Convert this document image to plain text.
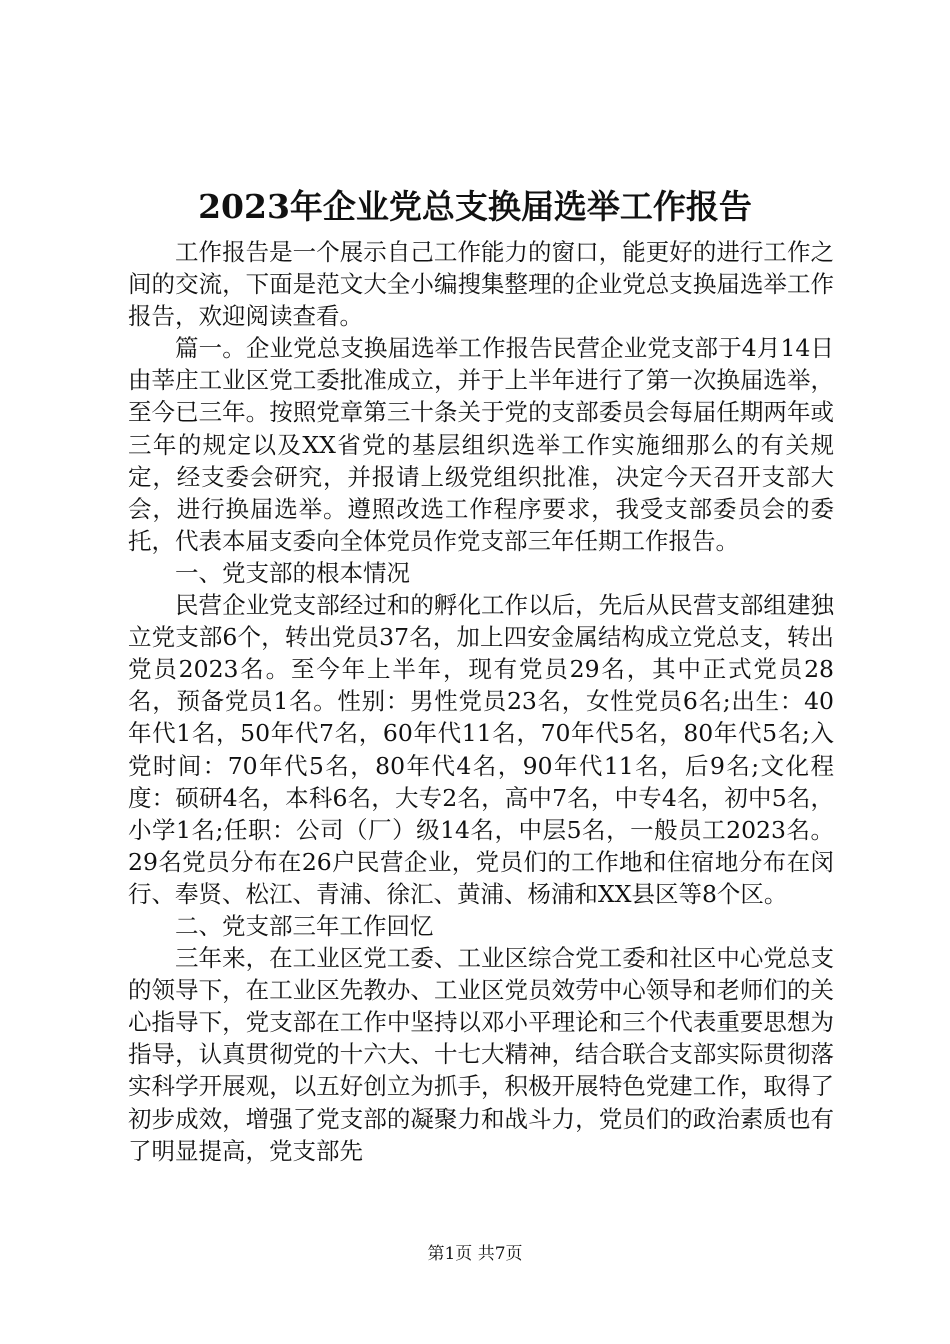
2023年企业党总支换届选举工作报告

工作报告是一个展示自己工作能力的窗口，能更好的进行工作之间的交流，下面是范文大全小编搜集整理的企业党总支换届选举工作报告，欢迎阅读查看。

篇一。企业党总支换届选举工作报告民营企业党支部于4月14日由莘庄工业区党工委批准成立，并于上半年进行了第一次换届选举，至今已三年。按照党章第三十条关于党的支部委员会每届任期两年或三年的规定以及XX省党的基层组织选举工作实施细那么的有关规定，经支委会研究，并报请上级党组织批准，决定今天召开支部大会，进行换届选举。遵照改选工作程序要求，我受支部委员会的委托，代表本届支委向全体党员作党支部三年任期工作报告。

一、党支部的根本情况

民营企业党支部经过和的孵化工作以后，先后从民营支部组建独立党支部6个，转出党员37名，加上四安金属结构成立党总支，转出党员2023名。至今年上半年，现有党员29名，其中正式党员28名，预备党员1名。性别：男性党员23名，女性党员6名;出生：40年代1名，50年代7名，60年代11名，70年代5名，80年代5名;入党时间：70年代5名，80年代4名，90年代11名，后9名;文化程度：硕研4名，本科6名，大专2名，高中7名，中专4名，初中5名，小学1名;任职：公司（厂）级14名，中层5名，一般员工2023名。29名党员分布在26户民营企业，党员们的工作地和住宿地分布在闵行、奉贤、松江、青浦、徐汇、黄浦、杨浦和XX县区等8个区。

二、党支部三年工作回忆

三年来，在工业区党工委、工业区综合党工委和社区中心党总支的领导下，在工业区先教办、工业区党员效劳中心领导和老师们的关心指导下，党支部在工作中坚持以邓小平理论和三个代表重要思想为指导，认真贯彻党的十六大、十七大精神，结合联合支部实际贯彻落实科学开展观，以五好创立为抓手，积极开展特色党建工作，取得了初步成效，增强了党支部的凝聚力和战斗力，党员们的政治素质也有了明显提高，党支部先

第1页 共7页
